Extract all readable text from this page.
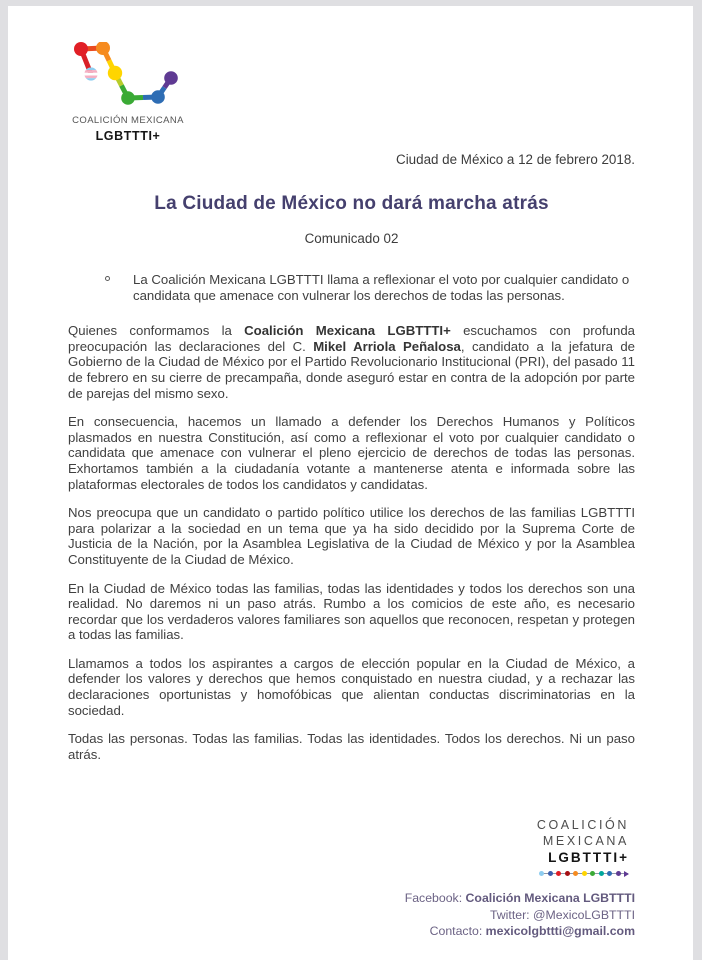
COALICIÓN MEXICANA
LGBTTTI+
Ciudad de México a 12 de febrero 2018.
La Ciudad de México no dará marcha atrás
Comunicado 02
La Coalición Mexicana LGBTTTI llama a reflexionar el voto por cualquier candidato o candidata que amenace con vulnerar los derechos de todas las personas.

Quienes conformamos la Coalición Mexicana LGBTTTI+ escuchamos con profunda preocupación las declaraciones del C. Mikel Arriola Peñalosa, candidato a la jefatura de Gobierno de la Ciudad de México por el Partido Revolucionario Institucional (PRI), del pasado 11 de febrero en su cierre de precampaña, donde aseguró estar en contra de la adopción por parte de parejas del mismo sexo.

En consecuencia, hacemos un llamado a defender los Derechos Humanos y Políticos plasmados en nuestra Constitución, así como a reflexionar el voto por cualquier candidato o candidata que amenace con vulnerar el pleno ejercicio de derechos de todas las personas. Exhortamos también a la ciudadanía votante a mantenerse atenta e informada sobre las plataformas electorales de todos los candidatos y candidatas.

Nos preocupa que un candidato o partido político utilice los derechos de las familias LGBTTTI para polarizar a la sociedad en un tema que ya ha sido decidido por la Suprema Corte de Justicia de la Nación, por la Asamblea Legislativa de la Ciudad de México y por la Asamblea Constituyente de la Ciudad de México.

En la Ciudad de México todas las familias, todas las identidades y todos los derechos son una realidad. No daremos ni un paso atrás. Rumbo a los comicios de este año, es necesario recordar que los verdaderos valores familiares son aquellos que reconocen, respetan y protegen a todas las familias.

Llamamos a todos los aspirantes a cargos de elección popular en la Ciudad de México, a defender los valores y derechos que hemos conquistado en nuestra ciudad, y a rechazar las declaraciones oportunistas y homofóbicas que alientan conductas discriminatorias en la sociedad.

Todas las personas. Todas las familias. Todas las identidades. Todos los derechos. Ni un paso atrás.

COALICIÓN
MEXICANA
LGBTTTI+
Facebook: Coalición Mexicana LGBTTTI
Twitter: @MexicoLGBTTTI
Contacto: mexicolgbttti@gmail.com
